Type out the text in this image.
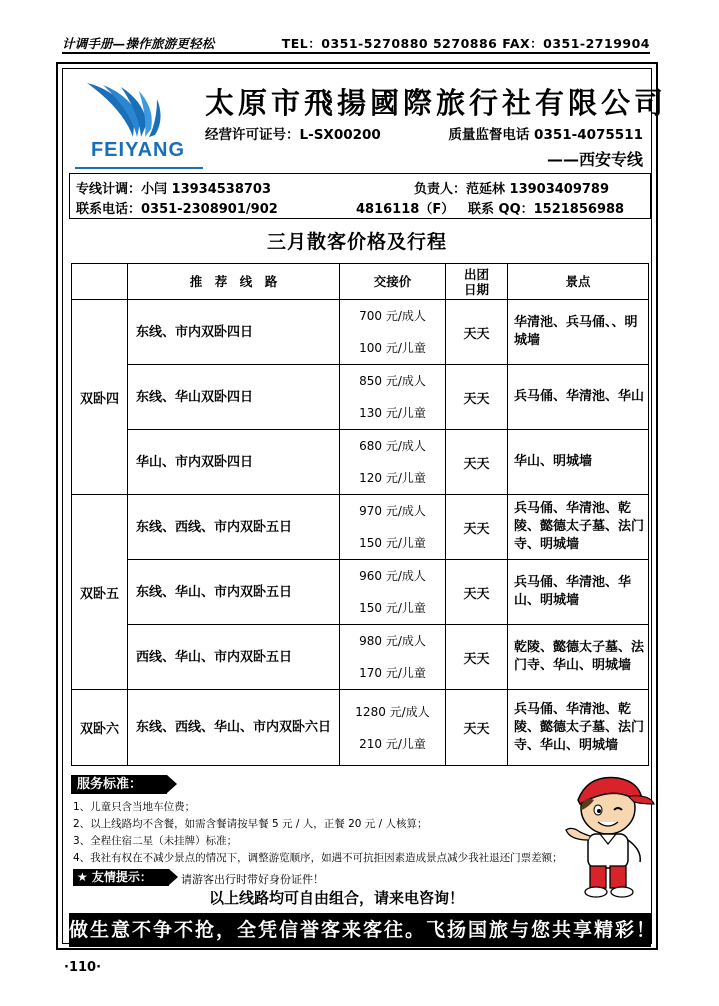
计调手册—操作旅游更轻松	TEL：0351-5270880 5270886 FAX：0351-2719904
FEIYANG
太原市飛揚國際旅行社有限公司
经营许可证号：L-SX00200	质量监督电话 0351-4075511
——西安专线
专线计调：小闫 13934538703	负责人：范延林 13903409789
联系电话：0351-2308901/902	4816118（F） 联系 QQ：1521856988
三月散客价格及行程
	推　荐　线　路	交接价	出团
日期	景点
双卧四	东线、市内双卧四日	700 元/成人
100 元/儿童	天天	华清池、兵马俑、、明城墙
	东线、华山双卧四日	850 元/成人
130 元/儿童	天天	兵马俑、华清池、华山
	华山、市内双卧四日	680 元/成人
120 元/儿童	天天	华山、明城墙
双卧五	东线、西线、市内双卧五日	970 元/成人
150 元/儿童	天天	兵马俑、华清池、乾陵、懿德太子墓、法门寺、明城墙
	东线、华山、市内双卧五日	960 元/成人
150 元/儿童	天天	兵马俑、华清池、华山、明城墙
	西线、华山、市内双卧五日	980 元/成人
170 元/儿童	天天	乾陵、懿德太子墓、法门寺、华山、明城墙
双卧六	东线、西线、华山、市内双卧六日	1280 元/成人
210 元/儿童	天天	兵马俑、华清池、乾陵、懿德太子墓、法门寺、华山、明城墙
服务标准：
1、儿童只含当地车位费；
2、以上线路均不含餐，如需含餐请按早餐 5 元 / 人，正餐 20 元 / 人核算；
3、全程住宿二星（未挂牌）标准；
4、我社有权在不减少景点的情况下，调整游览顺序，如遇不可抗拒因素造成景点减少我社退还门票差额；
★ 友情提示：	请游客出行时带好身份证件！
以上线路均可自由组合，请来电咨询！
做生意不争不抢，全凭信誉客来客往。飞扬国旅与您共享精彩！
·110·
